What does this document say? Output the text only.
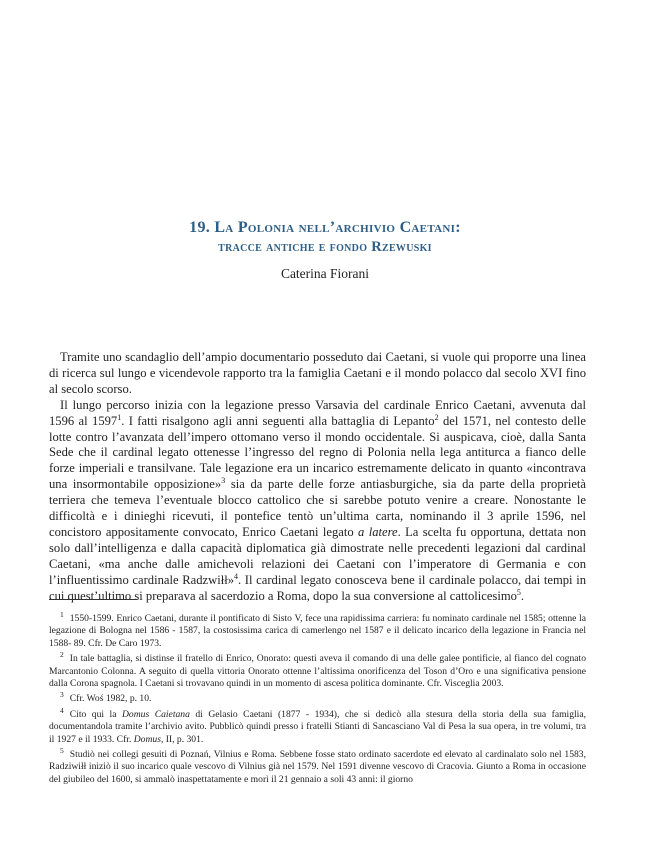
19. La Polonia nell’archivio Caetani:
tracce antiche e fondo Rzewuski
Caterina Fiorani

Tramite uno scandaglio dell’ampio documentario posseduto dai Caetani, si vuole qui proporre una linea di ricerca sul lungo e vicendevole rapporto tra la famiglia Caetani e il mondo polacco dal secolo XVI fino al secolo scorso.

Il lungo percorso inizia con la legazione presso Varsavia del cardinale Enrico Caetani, avvenuta dal 1596 al 1597$^1$. I fatti risalgono agli anni seguenti alla battaglia di Lepanto$^2$ del 1571, nel contesto delle lotte contro l’avanzata dell’impero ottomano verso il mondo occidentale. Si auspicava, cioè, dalla Santa Sede che il cardinal legato ottenesse l’ingresso del regno di Polonia nella lega antiturca a fianco delle forze imperiali e transilvane. Tale legazione era un incarico estremamente delicato in quanto «incontrava una insormontabile opposizione»$^3$ sia da parte delle forze antiasburgiche, sia da parte della proprietà terriera che temeva l’eventuale blocco cattolico che si sarebbe potuto venire a creare. Nonostante le difficoltà e i dinieghi ricevuti, il pontefice tentò un’ultima carta, nominando il 3 aprile 1596, nel concistoro appositamente convocato, Enrico Caetani legato a latere. La scelta fu opportuna, dettata non solo dall’intelligenza e dalla capacità diplomatica già dimostrate nelle precedenti legazioni dal cardinal Caetani, «ma anche dalle amichevoli relazioni dei Caetani con l’imperatore di Germania e con l’influentissimo cardinale Radzwiłł»$^4$. Il cardinal legato conosceva bene il cardinale polacco, dai tempi in cui quest’ultimo si preparava al sacerdozio a Roma, dopo la sua conversione al cattolicesimo$^5$.

$^1$ 1550-1599. Enrico Caetani, durante il pontificato di Sisto V, fece una rapidissima carriera: fu nominato cardinale nel 1585; ottenne la legazione di Bologna nel 1586 - 1587, la costosissima carica di camerlengo nel 1587 e il delicato incarico della legazione in Francia nel 1588- 89. Cfr. De Caro 1973.

$^2$ In tale battaglia, si distinse il fratello di Enrico, Onorato: questi aveva il comando di una delle galee pontificie, al fianco del cognato Marcantonio Colonna. A seguito di quella vittoria Onorato ottenne l’altissima onorificenza del Toson d’Oro e una significativa pensione dalla Corona spagnola. I Caetani si trovavano quindi in un momento di ascesa politica dominante. Cfr. Visceglia 2003.

$^3$ Cfr. Woś 1982, p. 10.

$^4$ Cito qui la Domus Caietana di Gelasio Caetani (1877 - 1934), che si dedicò alla stesura della storia della sua famiglia, documentandola tramite l’archivio avito. Pubblicò quindi presso i fratelli Stianti di Sancasciano Val di Pesa la sua opera, in tre volumi, tra il 1927 e il 1933. Cfr. Domus, II, p. 301.

$^5$ Studiò nei collegi gesuiti di Poznań, Vilnius e Roma. Sebbene fosse stato ordinato sacerdote ed elevato al cardinalato solo nel 1583, Radziwiłł iniziò il suo incarico quale vescovo di Vilnius già nel 1579. Nel 1591 divenne vescovo di Cracovia. Giunto a Roma in occasione del giubileo del 1600, si ammalò inaspettatamente e morì il 21 gennaio a soli 43 anni: il giorno
